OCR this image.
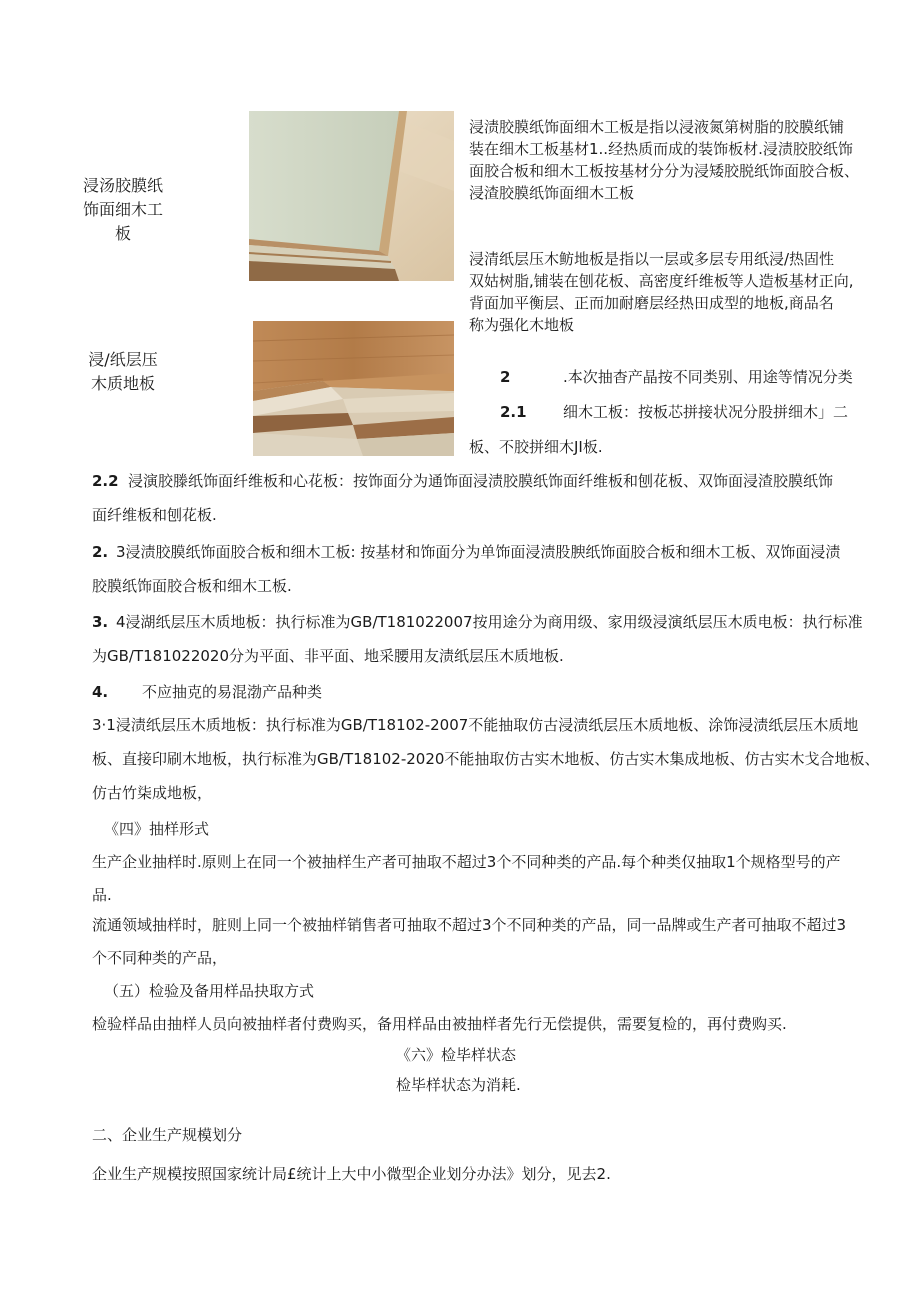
浸汤胶膜纸饰面细木工板
浸渍胶膜纸饰面细木工板是指以浸液氮第树脂的胶膜纸铺
装在细木工板基材1..经热质而成的装饰板材.浸渍胶胶纸饰
面胶合板和细木工板按基材分分为浸矮胶脱纸饰面胶合板、
浸渣胶膜纸饰面细木工板
浸清纸层压木鲂地板是指以一层或多层专用纸浸/热固性
双姑树脂,铺装在刨花板、高密度纤维板等人造板基材正向,
背面加平衡层、正而加耐磨层经热田成型的地板,商品名
称为强化木地板
浸/纸层压木质地板	2	.本次抽杳产晶按不同类别、用途等情况分类
2.1 细木工板：按板芯拼接状况分股拼细木」二
板、不胶拼细木JI板.
2.2 浸演胶滕纸饰面纤维板和心花板：按饰面分为通饰面浸渍胶膜纸饰面纤维板和刨花板、双饰面浸渣胶膜纸饰
面纤维板和刨花板.
2. 3浸渍胶膜纸饰面胶合板和细木工板: 按基材和饰面分为单饰面浸渍股腴纸饰面胶合板和细木工板、双饰面浸渍
胶膜纸饰面胶合板和细木工板.
3. 4浸湖纸层压木质地板：执行标准为GB/T181022007按用途分为商用级、家用级浸演纸层压木质电板：执行标准
为GB/T181022020分为平面、非平面、地采腰用友渍纸层压木质地板.
4. 不应抽克的易混渤产品种类
3·1浸渍纸层压木质地板：执行标准为GB/T18102-2007不能抽取仿古浸渍纸层压木质地板、涂饰浸渍纸层压木质地
板、直接印刷木地板，执行标准为GB/T18102-2020不能抽取仿古实木地板、仿古实木集成地板、仿古实木戈合地板、
仿古竹柒成地板，
《四》抽样形式
生产企业抽样时.原则上在同一个被抽样生产者可抽取不超过3个不同种类的产品.每个种类仅抽取1个规格型号的产
品.
流通领域抽样时，脏则上同一个被抽样销售者可抽取不超过3个不同种类的产品，同一品牌或生产者可抽取不超过3
个不同种类的产品，
（五）检验及备用样品抉取方式
检验样品由抽样人员向被抽样者付费购买，备用样品由被抽样者先行无偿提供，需要复检的，再付费购买.
《六》检毕样状态
检毕样状态为消耗.
二、企业生产规模划分
企业生产规模按照国家统计局£统计上大中小微型企业划分办法》划分，见去2.
